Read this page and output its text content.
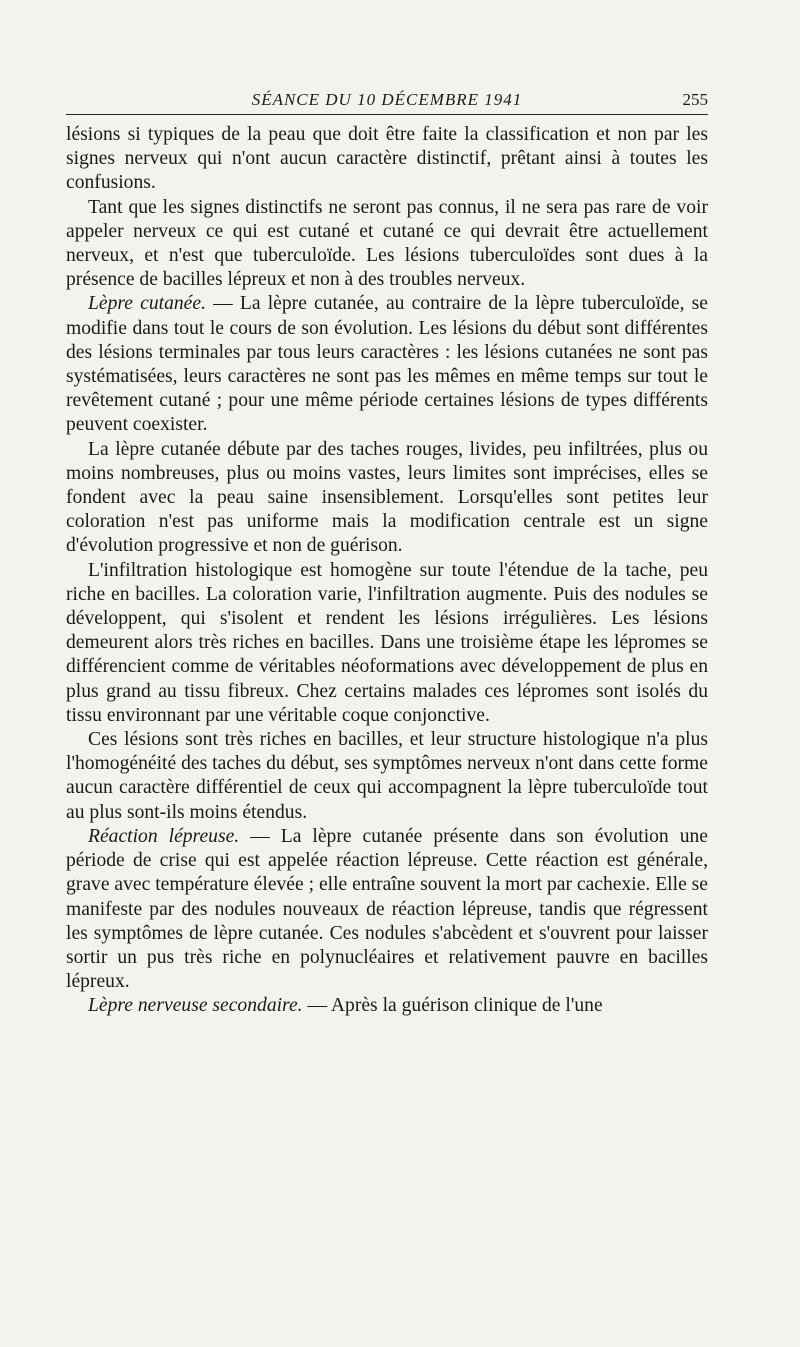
SÉANCE DU 10 DÉCEMBRE 1941	255

lésions si typiques de la peau que doit être faite la classification et non par les signes nerveux qui n'ont aucun caractère distinctif, prêtant ainsi à toutes les confusions.

Tant que les signes distinctifs ne seront pas connus, il ne sera pas rare de voir appeler nerveux ce qui est cutané et cutané ce qui devrait être actuellement nerveux, et n'est que tuberculoïde. Les lésions tuberculoïdes sont dues à la présence de bacilles lépreux et non à des troubles nerveux.

Lèpre cutanée. — La lèpre cutanée, au contraire de la lèpre tuberculoïde, se modifie dans tout le cours de son évolution. Les lésions du début sont différentes des lésions terminales par tous leurs caractères : les lésions cutanées ne sont pas systématisées, leurs caractères ne sont pas les mêmes en même temps sur tout le revêtement cutané ; pour une même période certaines lésions de types différents peuvent coexister.

La lèpre cutanée débute par des taches rouges, livides, peu infiltrées, plus ou moins nombreuses, plus ou moins vastes, leurs limites sont imprécises, elles se fondent avec la peau saine insensiblement. Lorsqu'elles sont petites leur coloration n'est pas uniforme mais la modification centrale est un signe d'évolution progressive et non de guérison.

L'infiltration histologique est homogène sur toute l'étendue de la tache, peu riche en bacilles. La coloration varie, l'infiltration augmente. Puis des nodules se développent, qui s'isolent et rendent les lésions irrégulières. Les lésions demeurent alors très riches en bacilles. Dans une troisième étape les lépromes se différencient comme de véritables néoformations avec développement de plus en plus grand au tissu fibreux. Chez certains malades ces lépromes sont isolés du tissu environnant par une véritable coque conjonctive.

Ces lésions sont très riches en bacilles, et leur structure histologique n'a plus l'homogénéité des taches du début, ses symptômes nerveux n'ont dans cette forme aucun caractère différentiel de ceux qui accompagnent la lèpre tuberculoïde tout au plus sont-ils moins étendus.

Réaction lépreuse. — La lèpre cutanée présente dans son évolution une période de crise qui est appelée réaction lépreuse. Cette réaction est générale, grave avec température élevée ; elle entraîne souvent la mort par cachexie. Elle se manifeste par des nodules nouveaux de réaction lépreuse, tandis que régressent les symptômes de lèpre cutanée. Ces nodules s'abcèdent et s'ouvrent pour laisser sortir un pus très riche en polynucléaires et relativement pauvre en bacilles lépreux.

Lèpre nerveuse secondaire. — Après la guérison clinique de l'une
